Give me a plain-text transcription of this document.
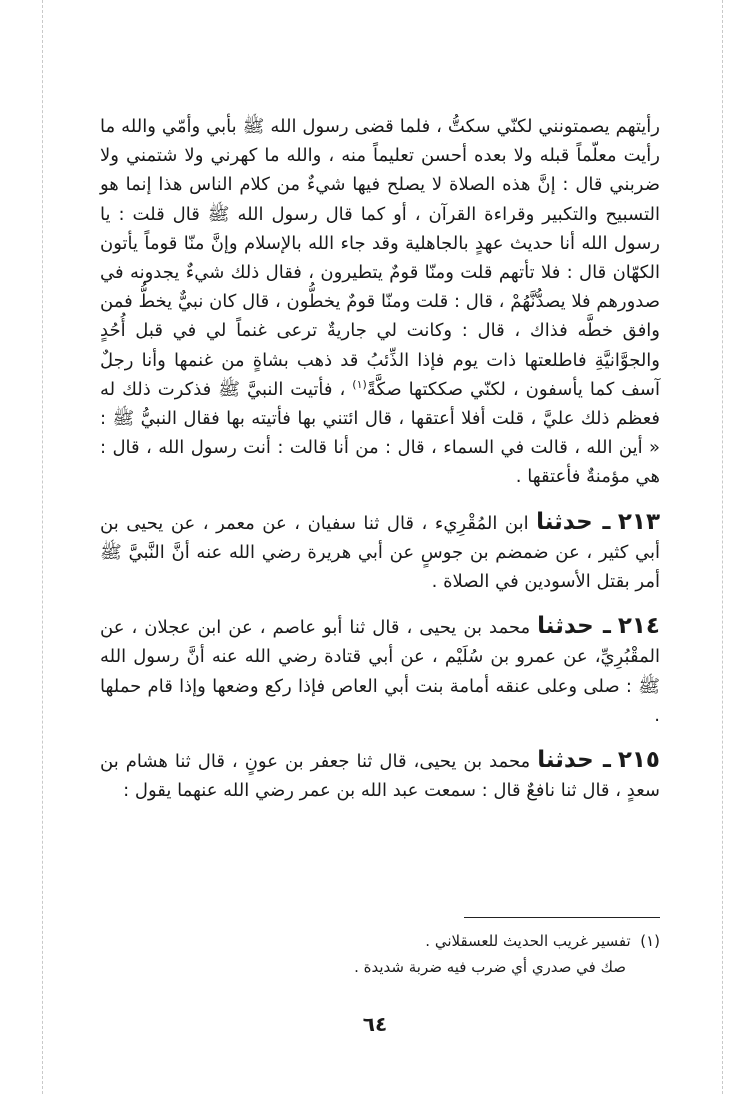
رأيتهم يصمتونني لكنّي سكتُّ ، فلما قضى رسول الله ﷺ بأبي وأمّي والله ما رأيت معلّماً قبله ولا بعده أحسن تعليماً منه ، والله ما كهرني ولا شتمني ولا ضربني قال : إنَّ هذه الصلاة لا يصلح فيها شيءٌ من كلام الناس هذا إنما هو التسبيح والتكبير وقراءة القرآن ، أو كما قال رسول الله ﷺ قال قلت : يا رسول الله أنا حديث عهدٍ بالجاهلية وقد جاء الله بالإسلام وإنَّ منّا قوماً يأتون الكهّان قال : فلا تأتهم قلت ومنّا قومٌ يتطيرون ، فقال ذلك شيءٌ يجدونه في صدورهم فلا يصدُّنَّهُمْ ، قال : قلت ومنّا قومٌ يخطُّون ، قال كان نبيٌّ يخطُّ فمن وافق خطَّه فذاك ، قال : وكانت لي جاريةٌ ترعى غنماً لي في قبل أُحُدٍ والجوَّانيَّةِ فاطلعتها ذات يوم فإذا الذِّئبُ قد ذهب بشاةٍ من غنمها وأنا رجلٌ آسف كما يأسفون ، لكنّي صككتها صكَّةً$^{(١)}$ ، فأتيت النبيَّ ﷺ فذكرت ذلك له فعظم ذلك عليَّ ، قلت أفلا أعتقها ، قال ائتني بها فأتيته بها فقال النبيُّ ﷺ : « أين الله ، قالت في السماء ، قال : من أنا قالت : أنت رسول الله ، قال : هي مؤمنةٌ فأعتقها .

٢١٣ ـ حدثنا ابن المُقْرِيء ، قال ثنا سفيان ، عن معمر ، عن يحيى بن أبي كثير ، عن ضمضم بن جوسٍ عن أبي هريرة رضي الله عنه أنَّ النَّبيَّ ﷺ أمر بقتل الأسودين في الصلاة .

٢١٤ ـ حدثنا محمد بن يحيى ، قال ثنا أبو عاصم ، عن ابن عجلان ، عن المقْبُرِيِّ، عن عمرو بن سُلَيْم ، عن أبي قتادة رضي الله عنه أنَّ رسول الله ﷺ : صلى وعلى عنقه أمامة بنت أبي العاص فإذا ركع وضعها وإذا قام حملها .

٢١٥ ـ حدثنا محمد بن يحيى، قال ثنا جعفر بن عونٍ ، قال ثنا هشام بن سعدٍ ، قال ثنا نافعٌ قال : سمعت عبد الله بن عمر رضي الله عنهما يقول :

(١)  تفسير غريب الحديث للعسقلاني .

صك في صدري أي ضرب فيه ضربة شديدة .

٦٤
